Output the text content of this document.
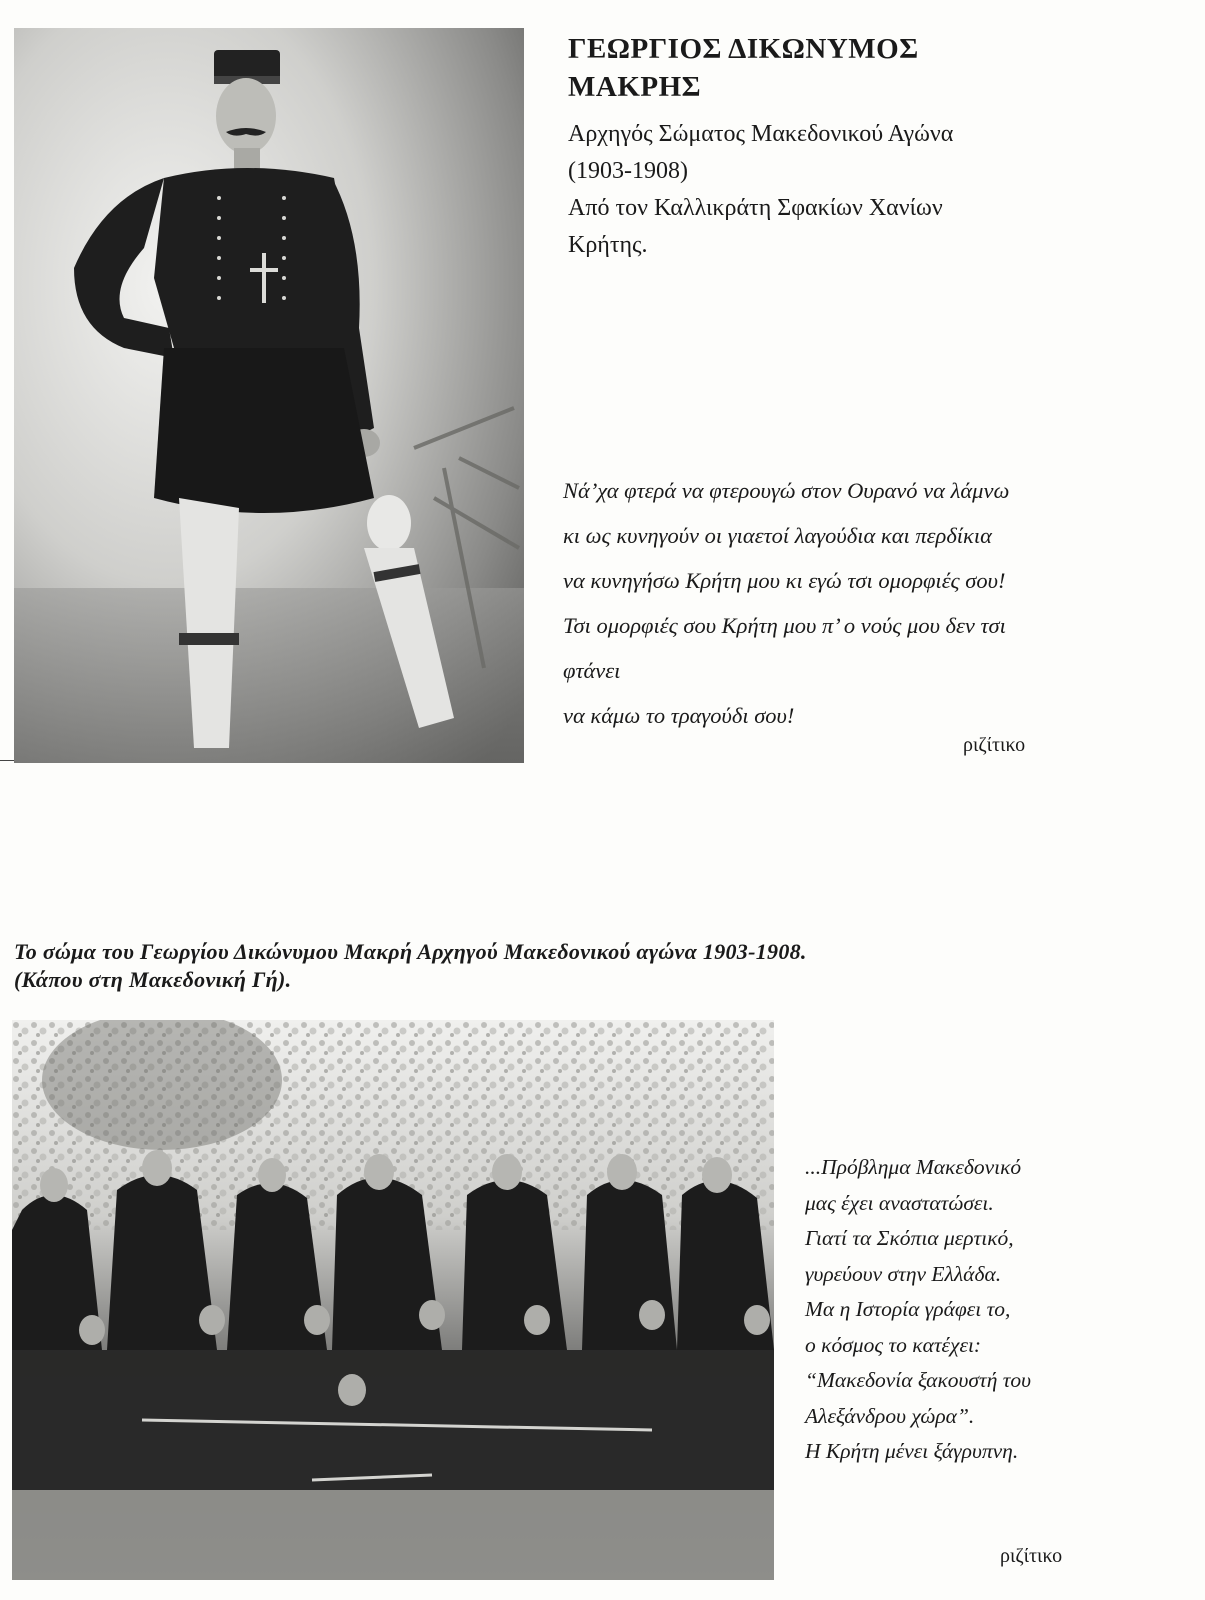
ΓΕΩΡΓΙΟΣ ΔΙΚΩΝΥΜΟΣ
ΜΑΚΡΗΣ
Αρχηγός Σώματος Μακεδονικού Αγώνα
(1903-1908)
Από τον Καλλικράτη Σφακίων Χανίων
Κρήτης.
Νά’χα φτερά να φτερουγώ στον Ουρανό να λάμνω
κι ως κυνηγούν οι γιαετοί λαγούδια και περδίκια
να κυνηγήσω Κρήτη μου κι εγώ τσι ομορφιές σου!
Τσι ομορφιές σου Κρήτη μου π’ ο νούς μου δεν τσι
φτάνει
να κάμω το τραγούδι σου!
ριζίτικο
Το σώμα του Γεωργίου Δικώνυμου Μακρή Αρχηγού Μακεδονικού αγώνα 1903-1908.
(Κάπου στη Μακεδονική Γή).
...Πρόβλημα Μακεδονικό
μας έχει αναστατώσει.
Γιατί τα Σκόπια μερτικό,
γυρεύουν στην Ελλάδα.
Μα η Ιστορία γράφει το,
ο κόσμος το κατέχει:
“Μακεδονία ξακουστή του
Αλεξάνδρου χώρα”.
Η Κρήτη μένει ξάγρυπνη.
ριζίτικο
